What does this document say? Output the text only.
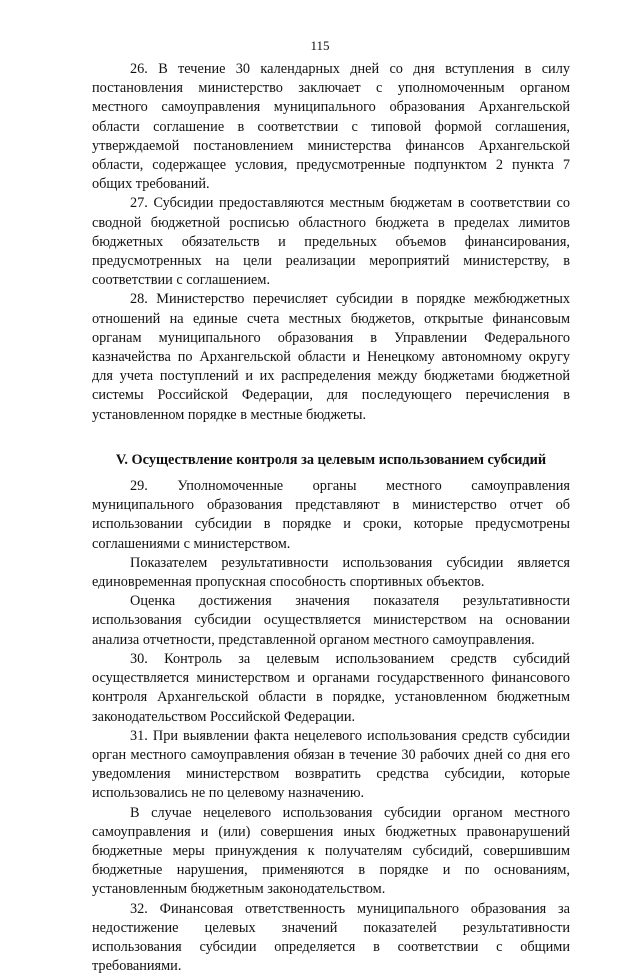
115

26. В течение 30 календарных дней со дня вступления в силу постановления министерство заключает с уполномоченным органом местного самоуправления муниципального образования Архангельской области соглашение в соответствии с типовой формой соглашения, утверждаемой постановлением министерства финансов Архангельской области, содержащее условия, предусмотренные подпунктом 2 пункта 7 общих требований.

27. Субсидии предоставляются местным бюджетам в соответствии со сводной бюджетной росписью областного бюджета в пределах лимитов бюджетных обязательств и предельных объемов финансирования, предусмотренных на цели реализации мероприятий министерству, в соответствии с соглашением.

28. Министерство перечисляет субсидии в порядке межбюджетных отношений на единые счета местных бюджетов, открытые финансовым органам муниципального образования в Управлении Федерального казначейства по Архангельской области и Ненецкому автономному округу для учета поступлений и их распределения между бюджетами бюджетной системы Российской Федерации, для последующего перечисления в установленном порядке в местные бюджеты.

V. Осуществление контроля за целевым использованием субсидий

29. Уполномоченные органы местного самоуправления муниципального образования представляют в министерство отчет об использовании субсидии в порядке и сроки, которые предусмотрены соглашениями с министерством.

Показателем результативности использования субсидии является единовременная пропускная способность спортивных объектов.

Оценка достижения значения показателя результативности использования субсидии осуществляется министерством на основании анализа отчетности, представленной органом местного самоуправления.

30. Контроль за целевым использованием средств субсидий осуществляется министерством и органами государственного финансового контроля Архангельской области в порядке, установленном бюджетным законодательством Российской Федерации.

31. При выявлении факта нецелевого использования средств субсидии орган местного самоуправления обязан в течение 30 рабочих дней со дня его уведомления министерством возвратить средства субсидии, которые использовались не по целевому назначению.

В случае нецелевого использования субсидии органом местного самоуправления и (или) совершения иных бюджетных правонарушений бюджетные меры принуждения к получателям субсидий, совершившим бюджетные нарушения, применяются в порядке и по основаниям, установленным бюджетным законодательством.

32. Финансовая ответственность муниципального образования за недостижение целевых значений показателей результативности использования субсидии определяется в соответствии с общими требованиями.
